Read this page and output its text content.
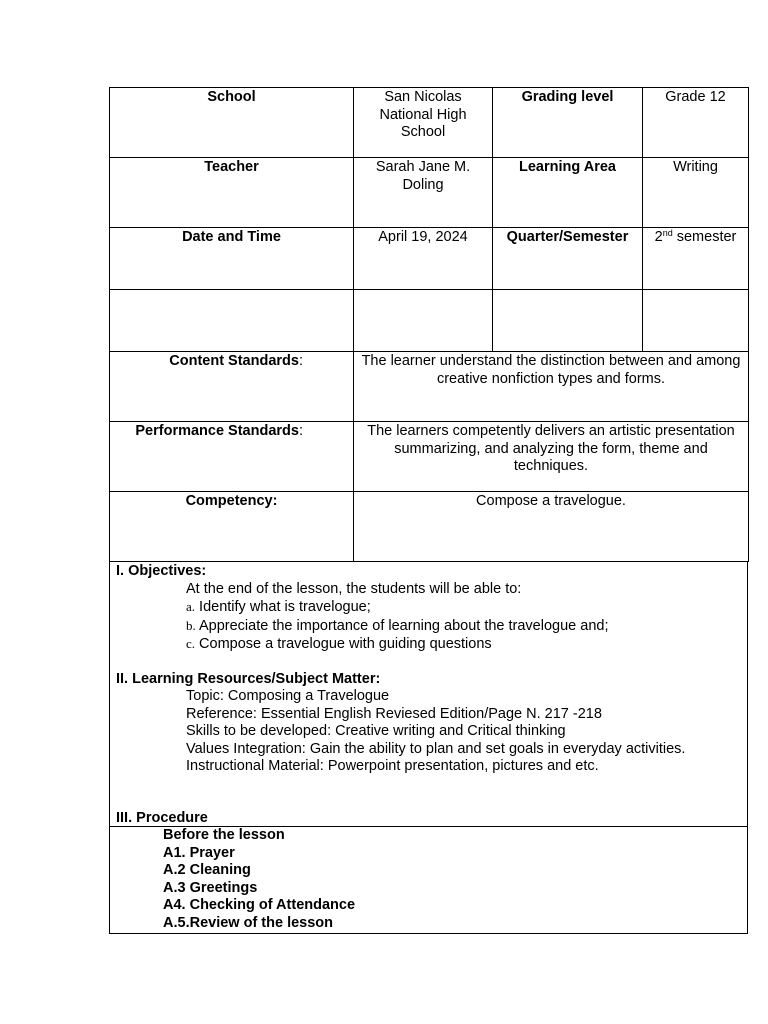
School	San Nicolas National High School	Grading level	Grade 12
Teacher	Sarah Jane M. Doling	Learning Area	Writing
Date and Time	April 19, 2024	Quarter/Semester	2nd semester

Content Standards:	The learner understand the distinction between and among creative nonfiction types and forms.		
Performance Standards:	The learners competently delivers an artistic presentation summarizing, and analyzing the form, theme and techniques.		
Competency:	Compose a travelogue.		
I. Objectives:
At the end of the lesson, the students will be able to:
a. Identify what is travelogue;
b. Appreciate the importance of learning about the travelogue and;
c. Compose a travelogue with guiding questions
II. Learning Resources/Subject Matter:
Topic: Composing a Travelogue
Reference: Essential English Reviesed Edition/Page N. 217 -218
Skills to be developed: Creative writing and Critical thinking
Values Integration: Gain the ability to plan and set goals in everyday activities.
Instructional Material: Powerpoint presentation, pictures and etc.
III. Procedure
Before the lesson
A1. Prayer
A.2 Cleaning
A.3 Greetings
A4. Checking of Attendance
A.5.Review of the lesson
